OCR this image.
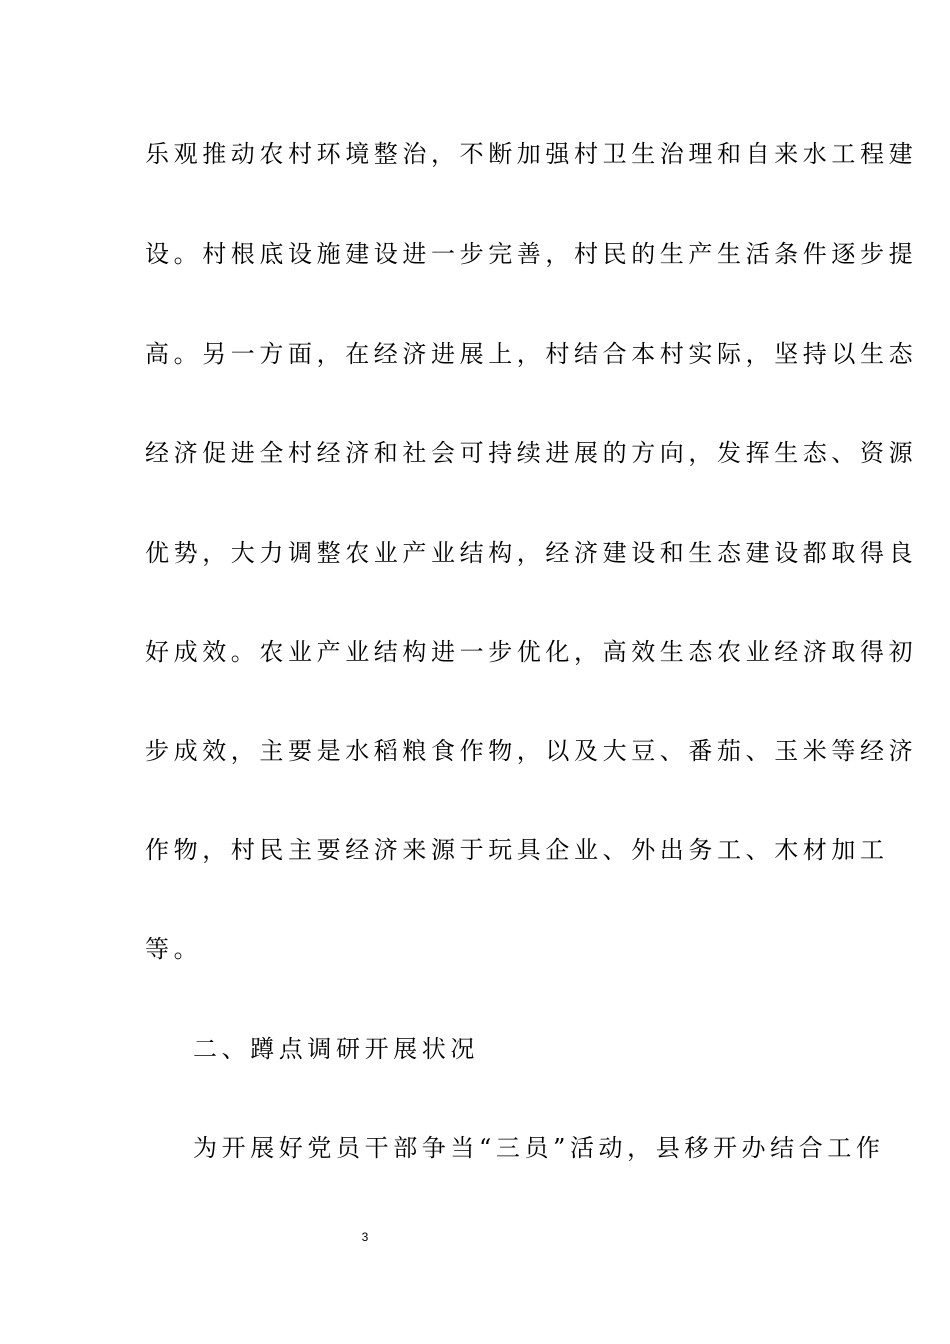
乐观推动农村环境整治，不断加强村卫生治理和自来水工程建
设。村根底设施建设进一步完善，村民的生产生活条件逐步提
高。另一方面，在经济进展上，村结合本村实际，坚持以生态
经济促进全村经济和社会可持续进展的方向，发挥生态、资源
优势，大力调整农业产业结构，经济建设和生态建设都取得良
好成效。农业产业结构进一步优化，高效生态农业经济取得初
步成效，主要是水稻粮食作物，以及大豆、番茄、玉米等经济
作物，村民主要经济来源于玩具企业、外出务工、木材加工
等。
二、蹲点调研开展状况
为开展好党员干部争当“三员”活动，县移开办结合工作
3
